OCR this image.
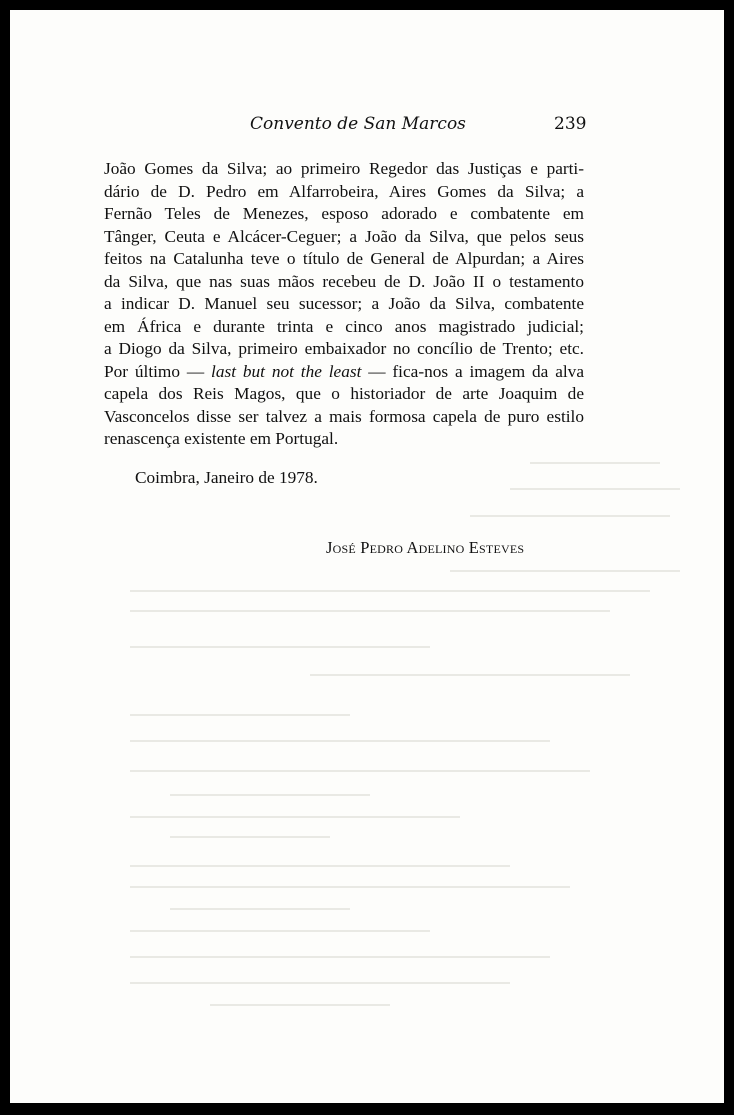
Convento de San Marcos	239
João Gomes da Silva; ao primeiro Regedor das Justiças e parti-
dário de D. Pedro em Alfarrobeira, Aires Gomes da Silva; a
Fernão Teles de Menezes, esposo adorado e combatente em
Tânger, Ceuta e Alcácer-Ceguer; a João da Silva, que pelos seus
feitos na Catalunha teve o título de General de Alpurdan; a Aires
da Silva, que nas suas mãos recebeu de D. João II o testamento
a indicar D. Manuel seu sucessor; a João da Silva, combatente
em África e durante trinta e cinco anos magistrado judicial;
a Diogo da Silva, primeiro embaixador no concílio de Trento; etc.
Por último — last but not the least — fica-nos a imagem da alva
capela dos Reis Magos, que o historiador de arte Joaquim de
Vasconcelos disse ser talvez a mais formosa capela de puro estilo
renascença existente em Portugal.
Coimbra, Janeiro de 1978.
José Pedro Adelino Esteves
